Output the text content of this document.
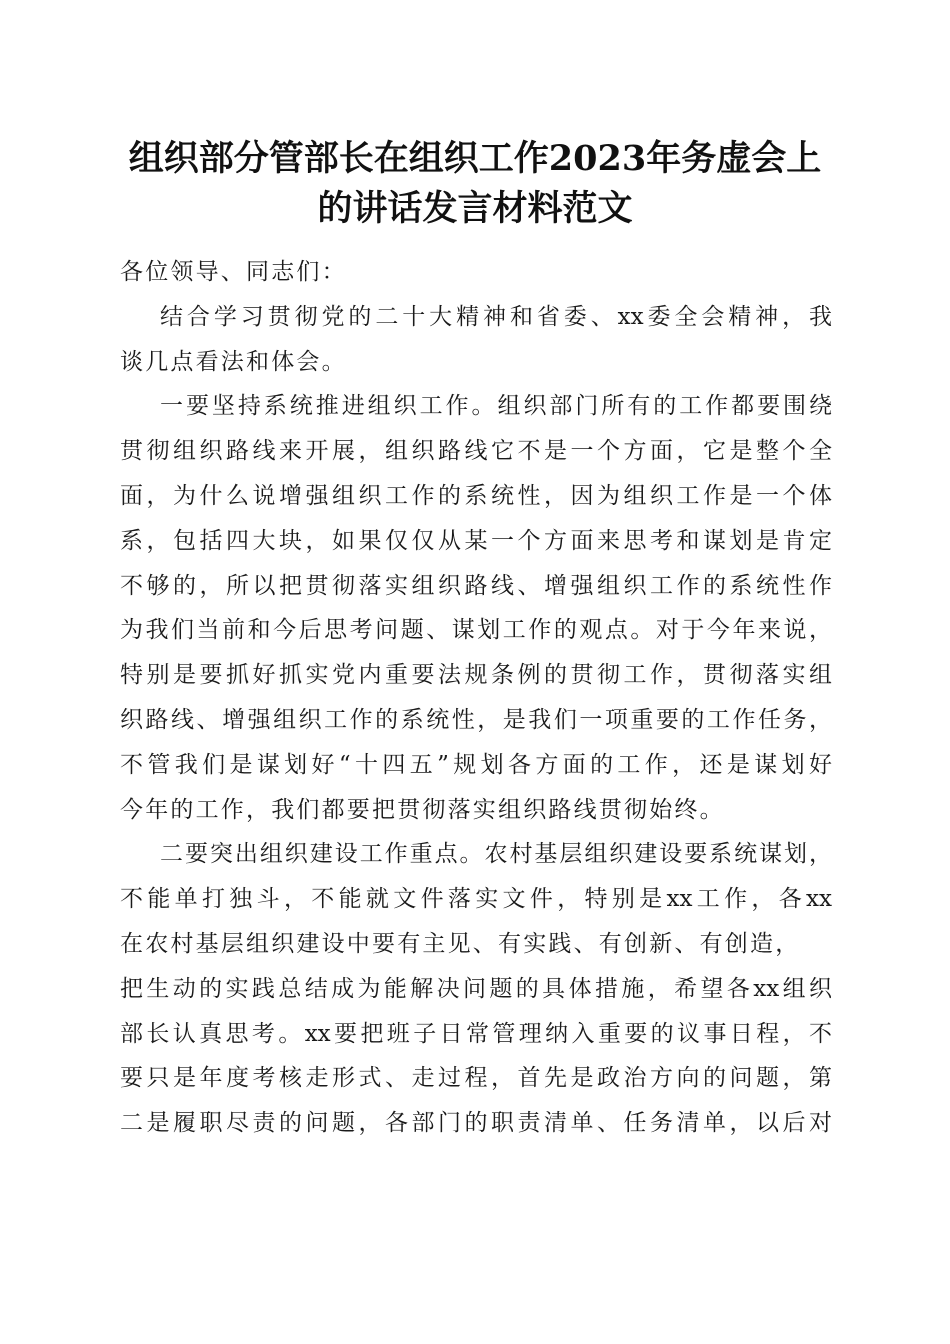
组织部分管部长在组织工作2023年务虚会上
的讲话发言材料范文
各位领导、同志们：
结合学习贯彻党的二十大精神和省委、xx委全会精神，我
谈几点看法和体会。
一要坚持系统推进组织工作。组织部门所有的工作都要围绕
贯彻组织路线来开展，组织路线它不是一个方面，它是整个全
面，为什么说增强组织工作的系统性，因为组织工作是一个体
系，包括四大块，如果仅仅从某一个方面来思考和谋划是肯定
不够的，所以把贯彻落实组织路线、增强组织工作的系统性作
为我们当前和今后思考问题、谋划工作的观点。对于今年来说，
特别是要抓好抓实党内重要法规条例的贯彻工作，贯彻落实组
织路线、增强组织工作的系统性，是我们一项重要的工作任务，
不管我们是谋划好“十四五”规划各方面的工作，还是谋划好
今年的工作，我们都要把贯彻落实组织路线贯彻始终。
二要突出组织建设工作重点。农村基层组织建设要系统谋划，
不能单打独斗，不能就文件落实文件，特别是xx工作，各xx
在农村基层组织建设中要有主见、有实践、有创新、有创造，
把生动的实践总结成为能解决问题的具体措施，希望各xx组织
部长认真思考。xx要把班子日常管理纳入重要的议事日程，不
要只是年度考核走形式、走过程，首先是政治方向的问题，第
二是履职尽责的问题，各部门的职责清单、任务清单，以后对
